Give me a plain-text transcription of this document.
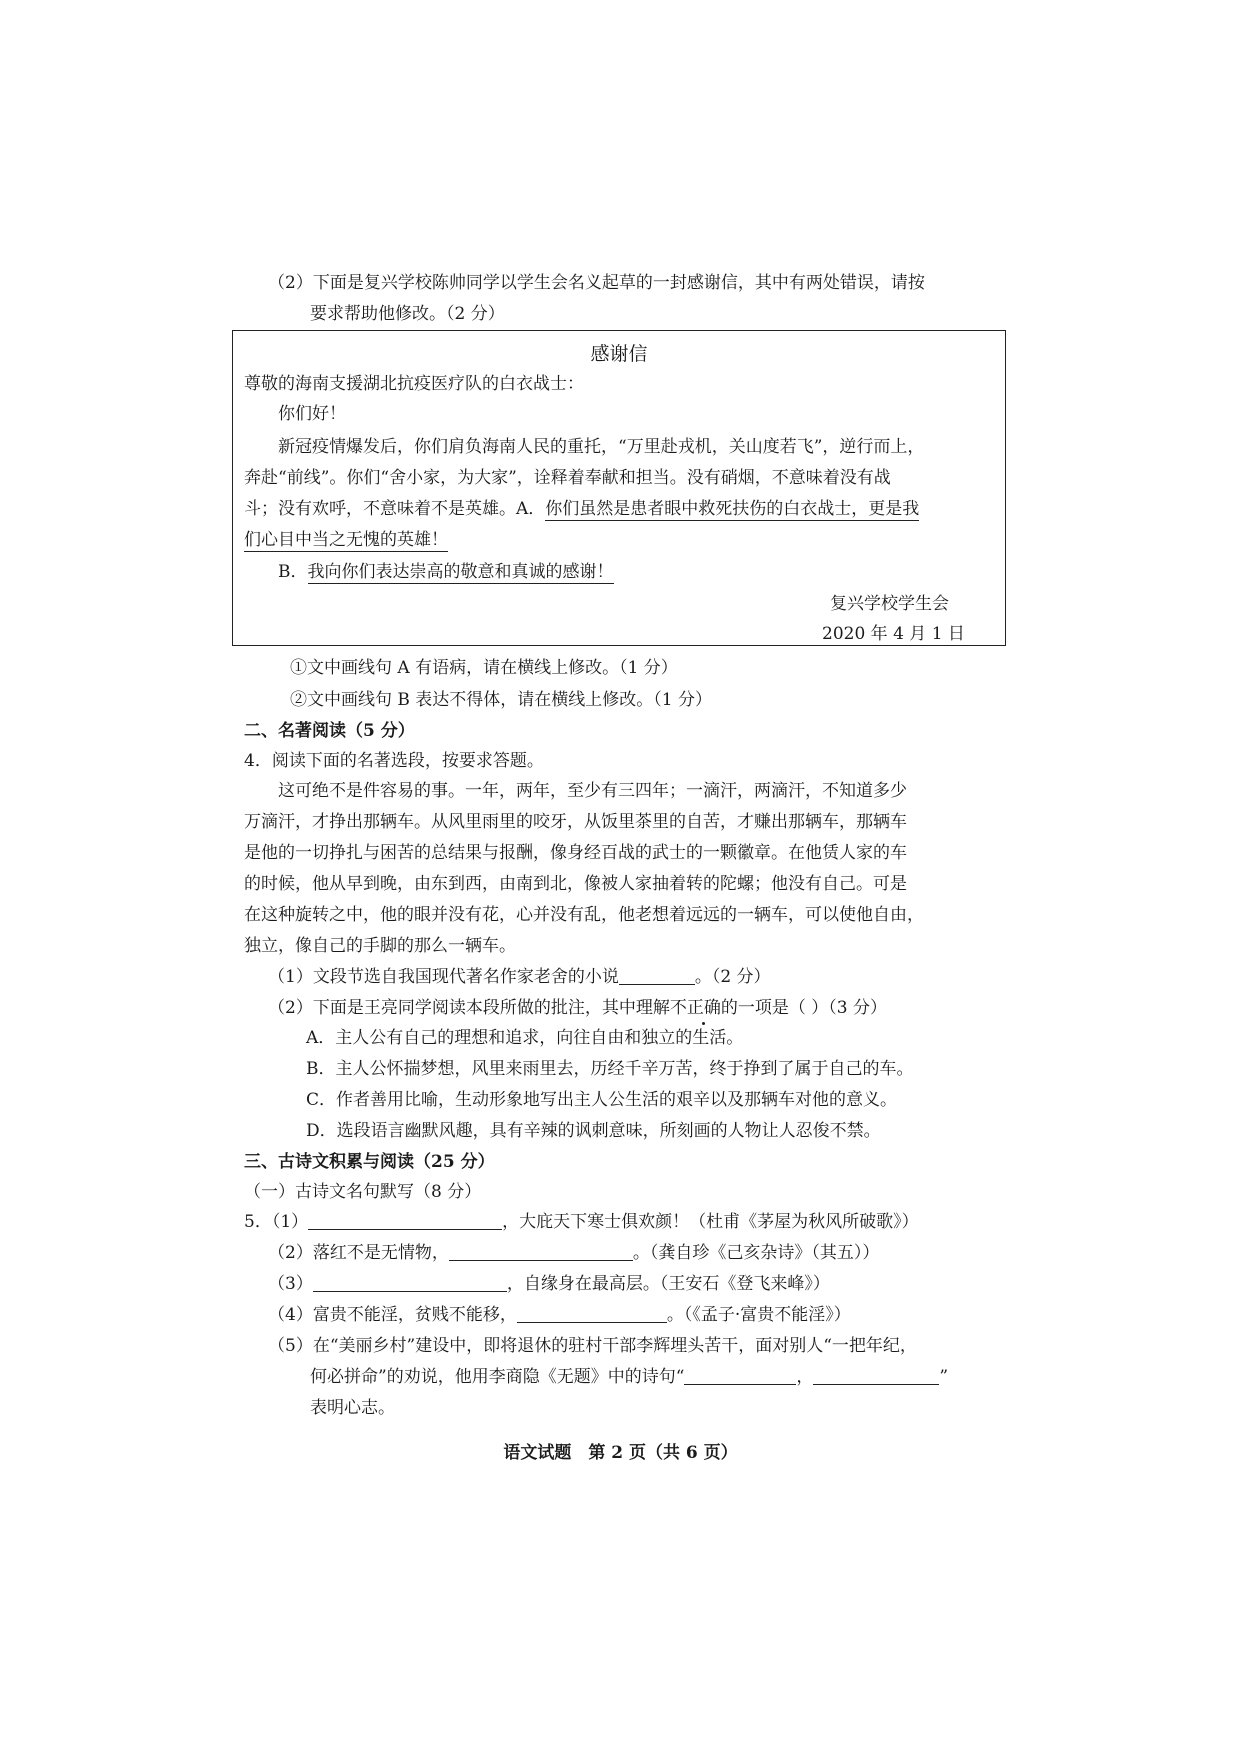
（2）下面是复兴学校陈帅同学以学生会名义起草的一封感谢信，其中有两处错误，请按
要求帮助他修改。（2 分）
感谢信
尊敬的海南支援湖北抗疫医疗队的白衣战士：
你们好！
新冠疫情爆发后，你们肩负海南人民的重托，“万里赴戎机，关山度若飞”，逆行而上，
奔赴“前线”。你们“舍小家，为大家”，诠释着奉献和担当。没有硝烟，不意味着没有战
斗；没有欢呼，不意味着不是英雄。A．你们虽然是患者眼中救死扶伤的白衣战士，更是我
们心目中当之无愧的英雄！
B．我向你们表达崇高的敬意和真诚的感谢！
复兴学校学生会
2020 年 4 月 1 日
①文中画线句 A 有语病，请在横线上修改。（1 分）
②文中画线句 B 表达不得体，请在横线上修改。（1 分）
二、名著阅读（5 分）
4．阅读下面的名著选段，按要求答题。
这可绝不是件容易的事。一年，两年，至少有三四年；一滴汗，两滴汗，不知道多少
万滴汗，才挣出那辆车。从风里雨里的咬牙，从饭里茶里的自苦，才赚出那辆车，那辆车
是他的一切挣扎与困苦的总结果与报酬，像身经百战的武士的一颗徽章。在他赁人家的车
的时候，他从早到晚，由东到西，由南到北，像被人家抽着转的陀螺；他没有自己。可是
在这种旋转之中，他的眼并没有花，心并没有乱，他老想着远远的一辆车，可以使他自由，
独立，像自己的手脚的那么一辆车。
（1）文段节选自我国现代著名作家老舍的小说	。（2 分）
（2）下面是王亮同学阅读本段所做的批注，其中理解不正确的一项是（ ）（3 分）
A．主人公有自己的理想和追求，向往自由和独立的生活。
B．主人公怀揣梦想，风里来雨里去，历经千辛万苦，终于挣到了属于自己的车。
C．作者善用比喻，生动形象地写出主人公生活的艰辛以及那辆车对他的意义。
D．选段语言幽默风趣，具有辛辣的讽刺意味，所刻画的人物让人忍俊不禁。
三、古诗文积累与阅读（25 分）
（一）古诗文名句默写（8 分）
5．（1）	，大庇天下寒士俱欢颜！（杜甫《茅屋为秋风所破歌》）
（2）落红不是无情物，	。（龚自珍《己亥杂诗》（其五））
（3）	，自缘身在最高层。（王安石《登飞来峰》）
（4）富贵不能淫，贫贱不能移，	。（《孟子·富贵不能淫》）
（5）在“美丽乡村”建设中，即将退休的驻村干部李辉埋头苦干，面对别人“一把年纪，
何必拼命”的劝说，他用李商隐《无题》中的诗句“	，	”
表明心志。
语文试题　第 2 页（共 6 页）
